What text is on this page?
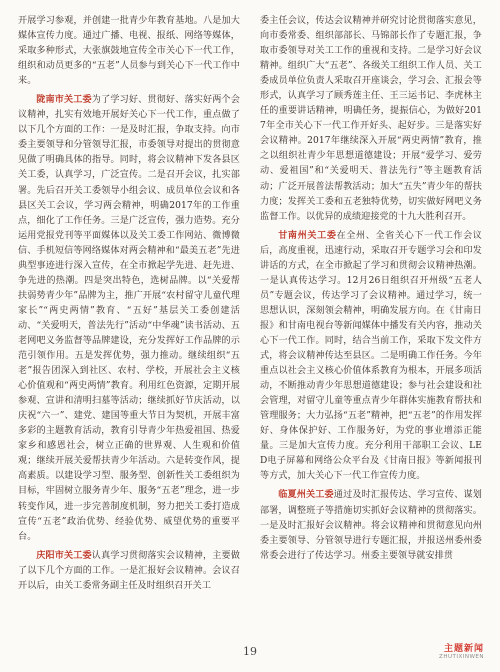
开展学习参观，并创建一批青少年教育基地。八是加大媒体宣传力度。通过广播、电视、报纸、网络等媒体，采取多种形式，大张旗鼓地宣传全市关心下一代工作，组织和动员更多的“五老”人员参与到关心下一代工作中来。

陇南市关工委为了学习好、贯彻好、落实好两个会议精神，扎实有效地开展好关心下一代工作，重点做了以下几个方面的工作：一是及时汇报，争取支持。向市委主要领导和分管领导汇报，市委领导对提出的贯彻意见做了明确具体的指导。同时，将会议精神下发各县区关工委，认真学习，广泛宣传。二是召开会议，扎实部署。先后召开关工委领导小组会议、成员单位会议和各县区关工会议，学习两会精神，明确2017年的工作重点，细化了工作任务。三是广泛宣传，强力造势。充分运用党报党刊等平面媒体以及关工委工作网站、微博微信、手机短信等网络媒体对两会精神和“最美五老”先进典型事迹进行深入宣传，在全市掀起学先进、赶先进、争先进的热潮。四是突出特色，选树品牌。以“关爱帮扶弱势青少年”品牌为主，推广开展“农村留守儿童代理家长”“两史两情”教育、“五好”基层关工委创建活动、“关爱明天，普法先行”活动“中华魂”读书活动、五老网吧义务监督等品牌建设，充分发挥好工作品牌的示范引领作用。五是发挥优势，强力推动。继续组织“五老”报告团深入到社区、农村、学校，开展社会主义核心价值观和“两史两情”教育。利用红色资源，定期开展参观、宣讲和清明扫墓等活动；继续抓好节庆活动，以庆祝“六一”、建党、建国等重大节日为契机，开展丰富多彩的主题教育活动，教育引导青少年热爱祖国、热爱家乡和感恩社会，树立正确的世界观、人生观和价值观；继续开展关爱帮扶青少年活动。六是转变作风，提高素质。以建设学习型、服务型、创新性关工委组织为目标，牢固树立服务青少年、服务“五老”理念，进一步转变作风，进一步完善制度机制，努力把关工委打造成宣传“五老”政治优势、经验优势、威望优势的重要平台。

庆阳市关工委认真学习贯彻落实会议精神，主要做了以下几个方面的工作。一是汇报好会议精神。会议召开以后，由关工委常务副主任及时组织召开关工

委主任会议，传达会议精神并研究讨论贯彻落实意见，向市委常委、组织部部长、马锦部长作了专题汇报，争取市委领导对关工工作的重视和支持。二是学习好会议精神。组织广大“五老”、各级关工组织工作人员、关工委成员单位负责人采取召开座谈会，学习会、汇报会等形式，认真学习了顾秀莲主任、王三运书记、李虎林主任的重要讲话精神，明确任务，提振信心，为做好2017年全市关心下一代工作开好头、起好步。三是落实好会议精神。2017年继续深入开展“两史两情”教育，推之以组织社青少年思想道德建设；开展“爱学习、爱劳动、爱祖国”和“关爱明天、普法先行”等主题教育活动；广泛开展普法帮教活动；加大“五失”青少年的帮扶力度；发挥关工委和五老独特优势，切实做好网吧义务监督工作。以优异的成绩迎接党的十九大胜利召开。

甘南州关工委在全州、全省关心下一代工作会议后，高度重视，迅速行动，采取召开专题学习会和印发讲话的方式，在全市掀起了学习和贯彻会议精神热潮。一是认真传达学习。12月26日组织召开州级“五老人员”专题会议，传达学习了会议精神。通过学习，统一思想认识，深刻领会精神，明确发展方向。在《甘南日报》和甘南电视台等新闻媒体中播发有关内容，推动关心下一代工作。同时，结合当前工作，采取下发文件方式，将会议精神传达至县区。二是明确工作任务。今年重点以社会主义核心价值体系教育为根本，开展多项活动，不断推动青少年思想道德建设；参与社会建设和社会管理，对留守儿童等重点青少年群体实施教育帮扶和管理服务；大力弘扬“五老”精神，把“五老”的作用发挥好、身体保护好、工作服务好，为党的事业增添正能量。三是加大宣传力度。充分利用干部职工会议、LED电子屏幕和网络公众平台及《甘南日报》等新闻报刊等方式，加大关心下一代工作宣传力度。

临夏州关工委通过及时汇报传达、学习宣传、谋划部署，调整班子等措施切实抓好会议精神的贯彻落实。一是及时汇报好会议精神。将会议精神和贯彻意见向州委主要领导、分管领导进行专题汇报，并报送州委州委常委会进行了传达学习。州委主要领导就安排贯

19	主题新闻
ZHUTIXINWEN
